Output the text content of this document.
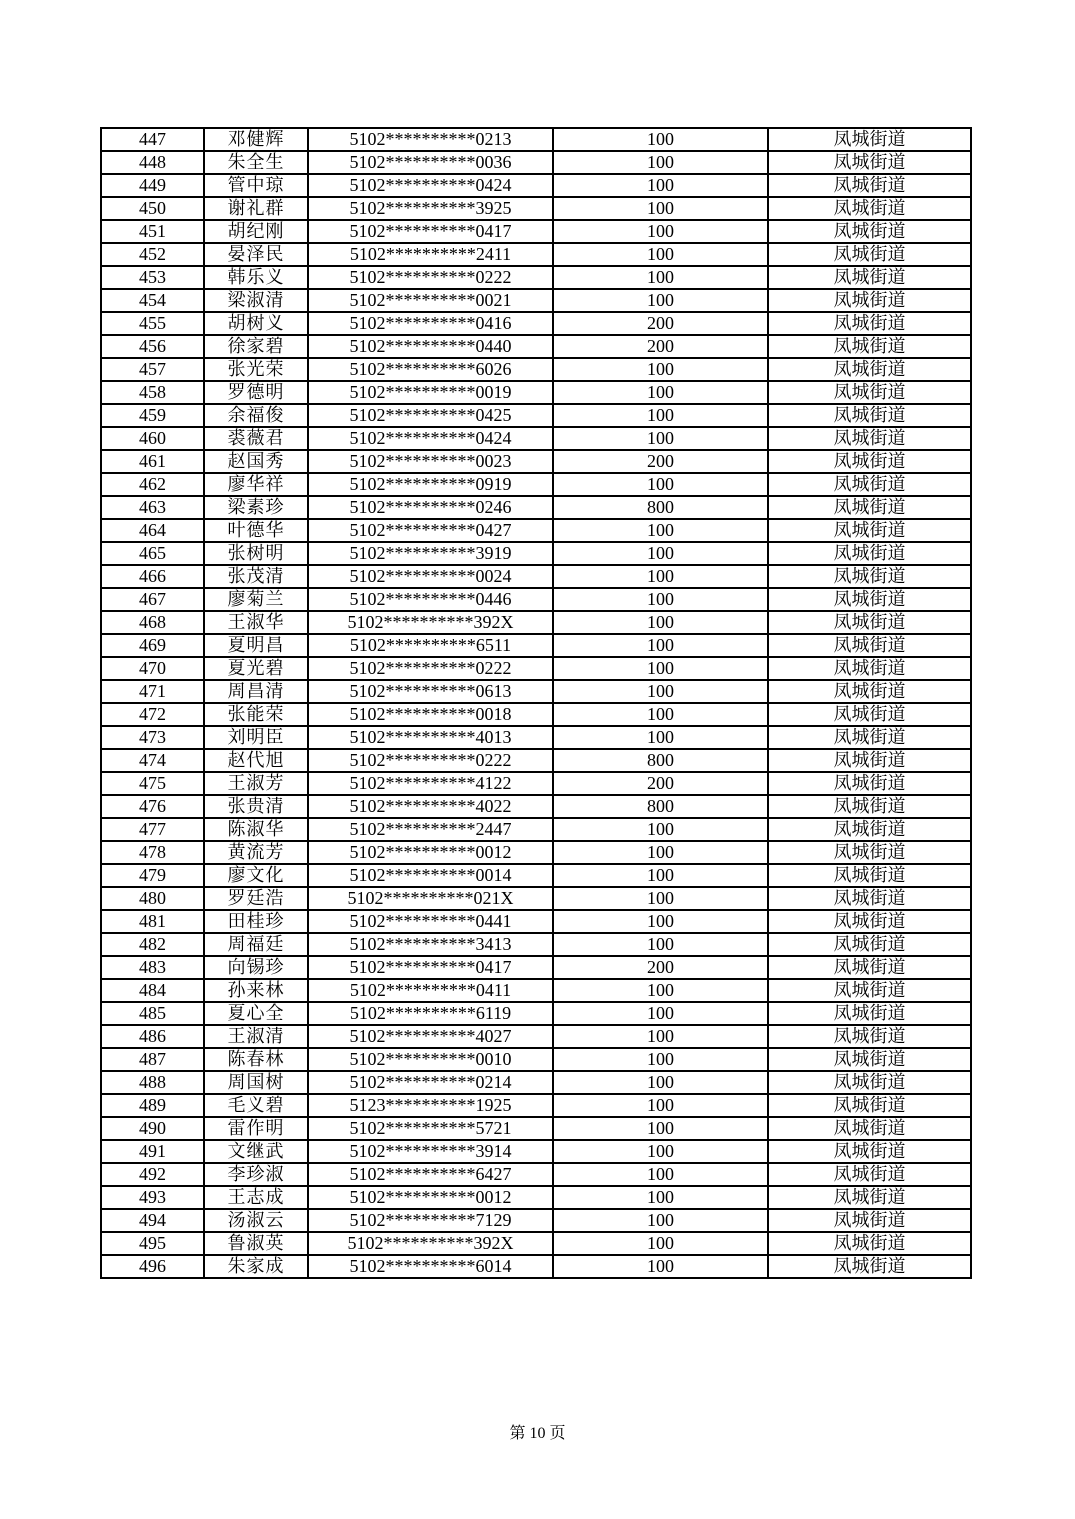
447	邓健辉	5102**********0213	100	凤城街道
448	朱全生	5102**********0036	100	凤城街道
449	管中琼	5102**********0424	100	凤城街道
450	谢礼群	5102**********3925	100	凤城街道
451	胡纪刚	5102**********0417	100	凤城街道
452	晏泽民	5102**********2411	100	凤城街道
453	韩乐义	5102**********0222	100	凤城街道
454	梁淑清	5102**********0021	100	凤城街道
455	胡树义	5102**********0416	200	凤城街道
456	徐家碧	5102**********0440	200	凤城街道
457	张光荣	5102**********6026	100	凤城街道
458	罗德明	5102**********0019	100	凤城街道
459	余福俊	5102**********0425	100	凤城街道
460	裘薇君	5102**********0424	100	凤城街道
461	赵国秀	5102**********0023	200	凤城街道
462	廖华祥	5102**********0919	100	凤城街道
463	梁素珍	5102**********0246	800	凤城街道
464	叶德华	5102**********0427	100	凤城街道
465	张树明	5102**********3919	100	凤城街道
466	张茂清	5102**********0024	100	凤城街道
467	廖菊兰	5102**********0446	100	凤城街道
468	王淑华	5102**********392X	100	凤城街道
469	夏明昌	5102**********6511	100	凤城街道
470	夏光碧	5102**********0222	100	凤城街道
471	周昌清	5102**********0613	100	凤城街道
472	张能荣	5102**********0018	100	凤城街道
473	刘明臣	5102**********4013	100	凤城街道
474	赵代旭	5102**********0222	800	凤城街道
475	王淑芳	5102**********4122	200	凤城街道
476	张贵清	5102**********4022	800	凤城街道
477	陈淑华	5102**********2447	100	凤城街道
478	黄流芳	5102**********0012	100	凤城街道
479	廖文化	5102**********0014	100	凤城街道
480	罗廷浩	5102**********021X	100	凤城街道
481	田桂珍	5102**********0441	100	凤城街道
482	周福廷	5102**********3413	100	凤城街道
483	向锡珍	5102**********0417	200	凤城街道
484	孙来林	5102**********0411	100	凤城街道
485	夏心全	5102**********6119	100	凤城街道
486	王淑清	5102**********4027	100	凤城街道
487	陈春林	5102**********0010	100	凤城街道
488	周国树	5102**********0214	100	凤城街道
489	毛义碧	5123**********1925	100	凤城街道
490	雷作明	5102**********5721	100	凤城街道
491	文继武	5102**********3914	100	凤城街道
492	李珍淑	5102**********6427	100	凤城街道
493	王志成	5102**********0012	100	凤城街道
494	汤淑云	5102**********7129	100	凤城街道
495	鲁淑英	5102**********392X	100	凤城街道
496	朱家成	5102**********6014	100	凤城街道
第 10 页
